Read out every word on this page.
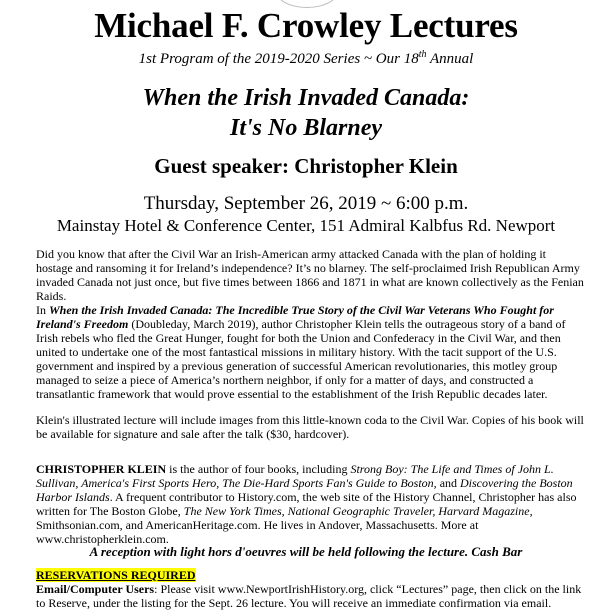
Michael F. Crowley Lectures
1st Program of the 2019-2020 Series ~ Our 18th Annual
When the Irish Invaded Canada:
It's No Blarney
Guest speaker: Christopher Klein
Thursday, September 26, 2019 ~ 6:00 p.m.
Mainstay Hotel & Conference Center, 151 Admiral Kalbfus Rd. Newport

Did you know that after the Civil War an Irish-American army attacked Canada with the plan of holding it hostage and ransoming it for Ireland’s independence? It’s no blarney. The self-proclaimed Irish Republican Army invaded Canada not just once, but five times between 1866 and 1871 in what are known collectively as the Fenian Raids.

In When the Irish Invaded Canada: The Incredible True Story of the Civil War Veterans Who Fought for Ireland's Freedom (Doubleday, March 2019), author Christopher Klein tells the outrageous story of a band of Irish rebels who fled the Great Hunger, fought for both the Union and Confederacy in the Civil War, and then united to undertake one of the most fantastical missions in military history. With the tacit support of the U.S. government and inspired by a previous generation of successful American revolutionaries, this motley group managed to seize a piece of America’s northern neighbor, if only for a matter of days, and constructed a transatlantic framework that would prove essential to the establishment of the Irish Republic decades later.

Klein's illustrated lecture will include images from this little-known coda to the Civil War. Copies of his book will be available for signature and sale after the talk ($30, hardcover).

CHRISTOPHER KLEIN is the author of four books, including Strong Boy: The Life and Times of John L. Sullivan, America's First Sports Hero, The Die-Hard Sports Fan's Guide to Boston, and Discovering the Boston Harbor Islands. A frequent contributor to History.com, the web site of the History Channel, Christopher has also written for The Boston Globe, The New York Times, National Geographic Traveler, Harvard Magazine, Smithsonian.com, and AmericanHeritage.com. He lives in Andover, Massachusetts. More at www.christopherklein.com.

A reception with light hors d'oeuvres will be held following the lecture. Cash Bar
RESERVATIONS REQUIRED

Email/Computer Users: Please visit www.NewportIrishHistory.org, click “Lectures” page, then click on the link to Reserve, under the listing for the Sept. 26 lecture. You will receive an immediate confirmation via email.
